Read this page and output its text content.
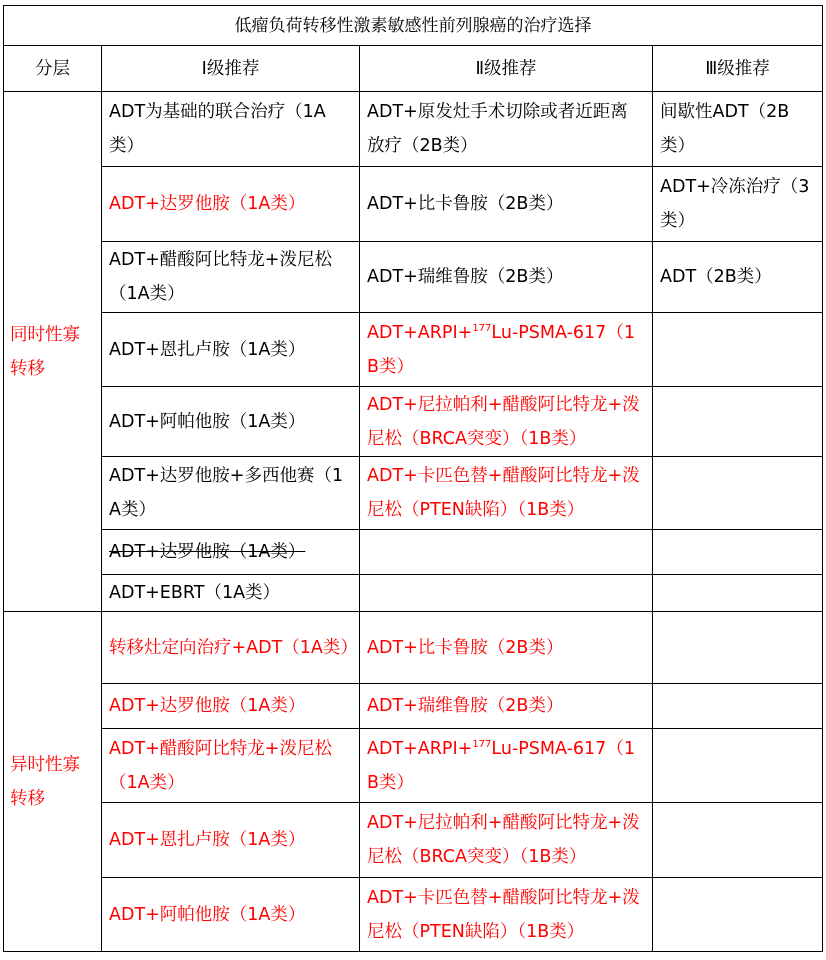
低瘤负荷转移性激素敏感性前列腺癌的治疗选择			
分层	Ⅰ级推荐	Ⅱ级推荐	Ⅲ级推荐
同时性寡转移	ADT为基础的联合治疗（1A类）	ADT+原发灶手术切除或者近距离放疗（2B类）	间歇性ADT（2B类）
	ADT+达罗他胺（1A类）	ADT+比卡鲁胺（2B类）	ADT+冷冻治疗（3类）
	ADT+醋酸阿比特龙+泼尼松（1A类）	ADT+瑞维鲁胺（2B类）	ADT（2B类）
	ADT+恩扎卢胺（1A类）	ADT+ARPI+$^{177}$Lu-PSMA-617（1B类）	
	ADT+阿帕他胺（1A类）	ADT+尼拉帕利+醋酸阿比特龙+泼尼松（BRCA突变）（1B类）	
	ADT+达罗他胺+多西他赛（1A类）	ADT+卡匹色替+醋酸阿比特龙+泼尼松（PTEN缺陷）（1B类）	
	ADT+达罗他胺（1A类）		
	ADT+EBRT（1A类）		
异时性寡转移	转移灶定向治疗+ADT（1A类）	ADT+比卡鲁胺（2B类）	
	ADT+达罗他胺（1A类）	ADT+瑞维鲁胺（2B类）	
	ADT+醋酸阿比特龙+泼尼松（1A类）	ADT+ARPI+$^{177}$Lu-PSMA-617（1B类）	
	ADT+恩扎卢胺（1A类）	ADT+尼拉帕利+醋酸阿比特龙+泼尼松（BRCA突变）（1B类）	
	ADT+阿帕他胺（1A类）	ADT+卡匹色替+醋酸阿比特龙+泼尼松（PTEN缺陷）（1B类）	
